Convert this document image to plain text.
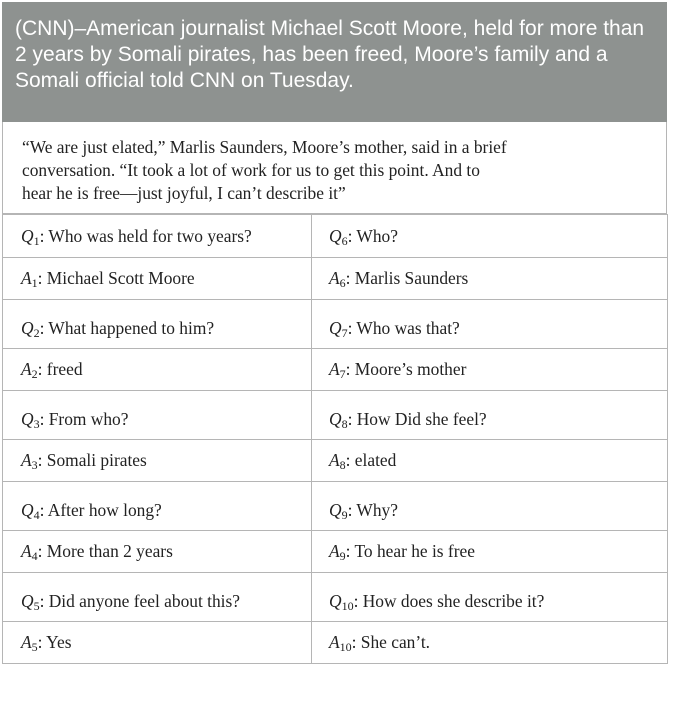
(CNN)–American journalist Michael Scott Moore, held for more than 2 years by Somali pirates, has been freed, Moore’s family and a Somali official told CNN on Tuesday.

“We are just elated,” Marlis Saunders, Moore’s mother, said in a brief conversation. “It took a lot of work for us to get this point. And to hear he is free—just joyful, I can’t describe it”

Q1: Who was held for two years?	Q6: Who?
A1: Michael Scott Moore	A6: Marlis Saunders
Q2: What happened to him?	Q7: Who was that?
A2: freed	A7: Moore’s mother
Q3: From who?	Q8: How Did she feel?
A3: Somali pirates	A8: elated
Q4: After how long?	Q9: Why?
A4: More than 2 years	A9: To hear he is free
Q5: Did anyone feel about this?	Q10: How does she describe it?
A5: Yes	A10: She can’t.
